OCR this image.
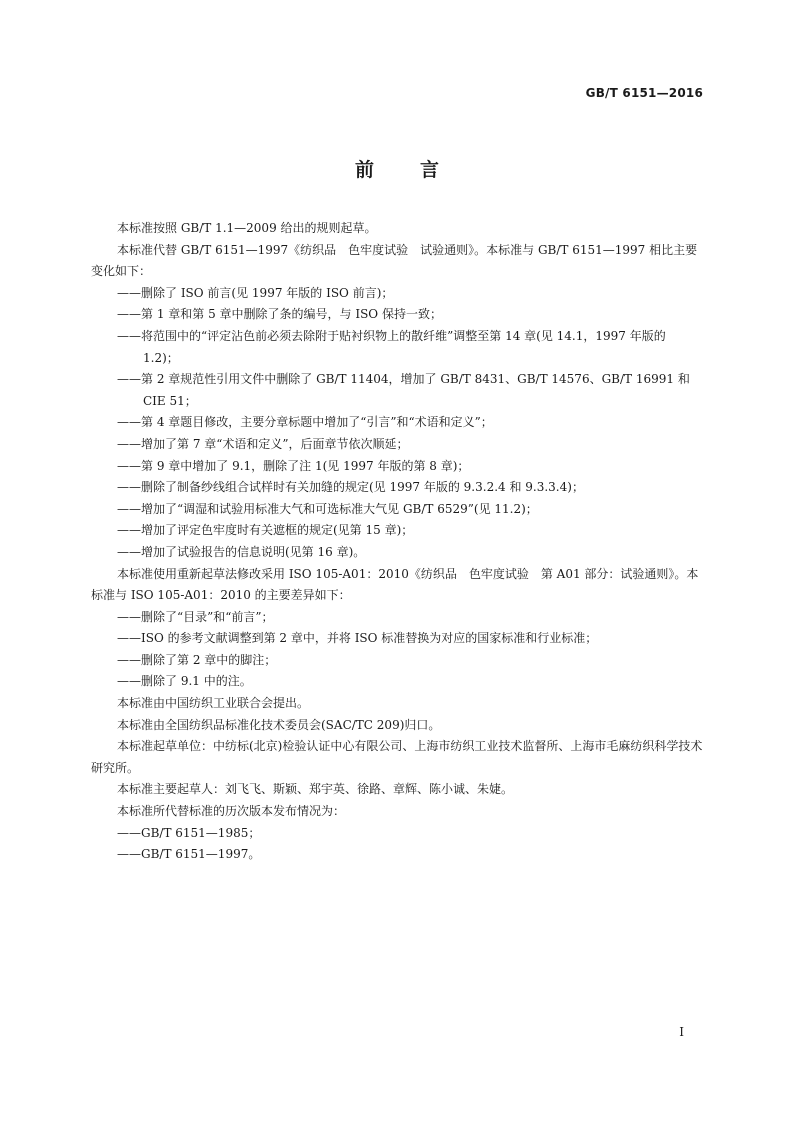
GB/T 6151—2016
前言

本标准按照 GB/T 1.1—2009 给出的规则起草。

本标准代替 GB/T 6151—1997《纺织品　色牢度试验　试验通则》。本标准与 GB/T 6151—1997 相比主要变化如下：

——删除了 ISO 前言(见 1997 年版的 ISO 前言)；

——第 1 章和第 5 章中删除了条的编号，与 ISO 保持一致；

——将范围中的“评定沾色前必须去除附于贴衬织物上的散纤维”调整至第 14 章(见 14.1，1997 年版的 1.2)；

——第 2 章规范性引用文件中删除了 GB/T 11404，增加了 GB/T 8431、GB/T 14576、GB/T 16991 和 CIE 51；

——第 4 章题目修改，主要分章标题中增加了“引言”和“术语和定义”；

——增加了第 7 章“术语和定义”，后面章节依次顺延；

——第 9 章中增加了 9.1，删除了注 1(见 1997 年版的第 8 章)；

——删除了制备纱线组合试样时有关加缝的规定(见 1997 年版的 9.3.2.4 和 9.3.3.4)；

——增加了“调湿和试验用标准大气和可选标准大气见 GB/T 6529”(见 11.2)；

——增加了评定色牢度时有关遮框的规定(见第 15 章)；

——增加了试验报告的信息说明(见第 16 章)。

本标准使用重新起草法修改采用 ISO 105-A01：2010《纺织品　色牢度试验　第 A01 部分：试验通则》。本标准与 ISO 105-A01：2010 的主要差异如下：

——删除了“目录”和“前言”；

——ISO 的参考文献调整到第 2 章中，并将 ISO 标准替换为对应的国家标准和行业标准；

——删除了第 2 章中的脚注；

——删除了 9.1 中的注。

本标准由中国纺织工业联合会提出。

本标准由全国纺织品标准化技术委员会(SAC/TC 209)归口。

本标准起草单位：中纺标(北京)检验认证中心有限公司、上海市纺织工业技术监督所、上海市毛麻纺织科学技术研究所。

本标准主要起草人：刘飞飞、斯颖、郑宇英、徐路、章辉、陈小诚、朱婕。

本标准所代替标准的历次版本发布情况为：

——GB/T 6151—1985；

——GB/T 6151—1997。

I
